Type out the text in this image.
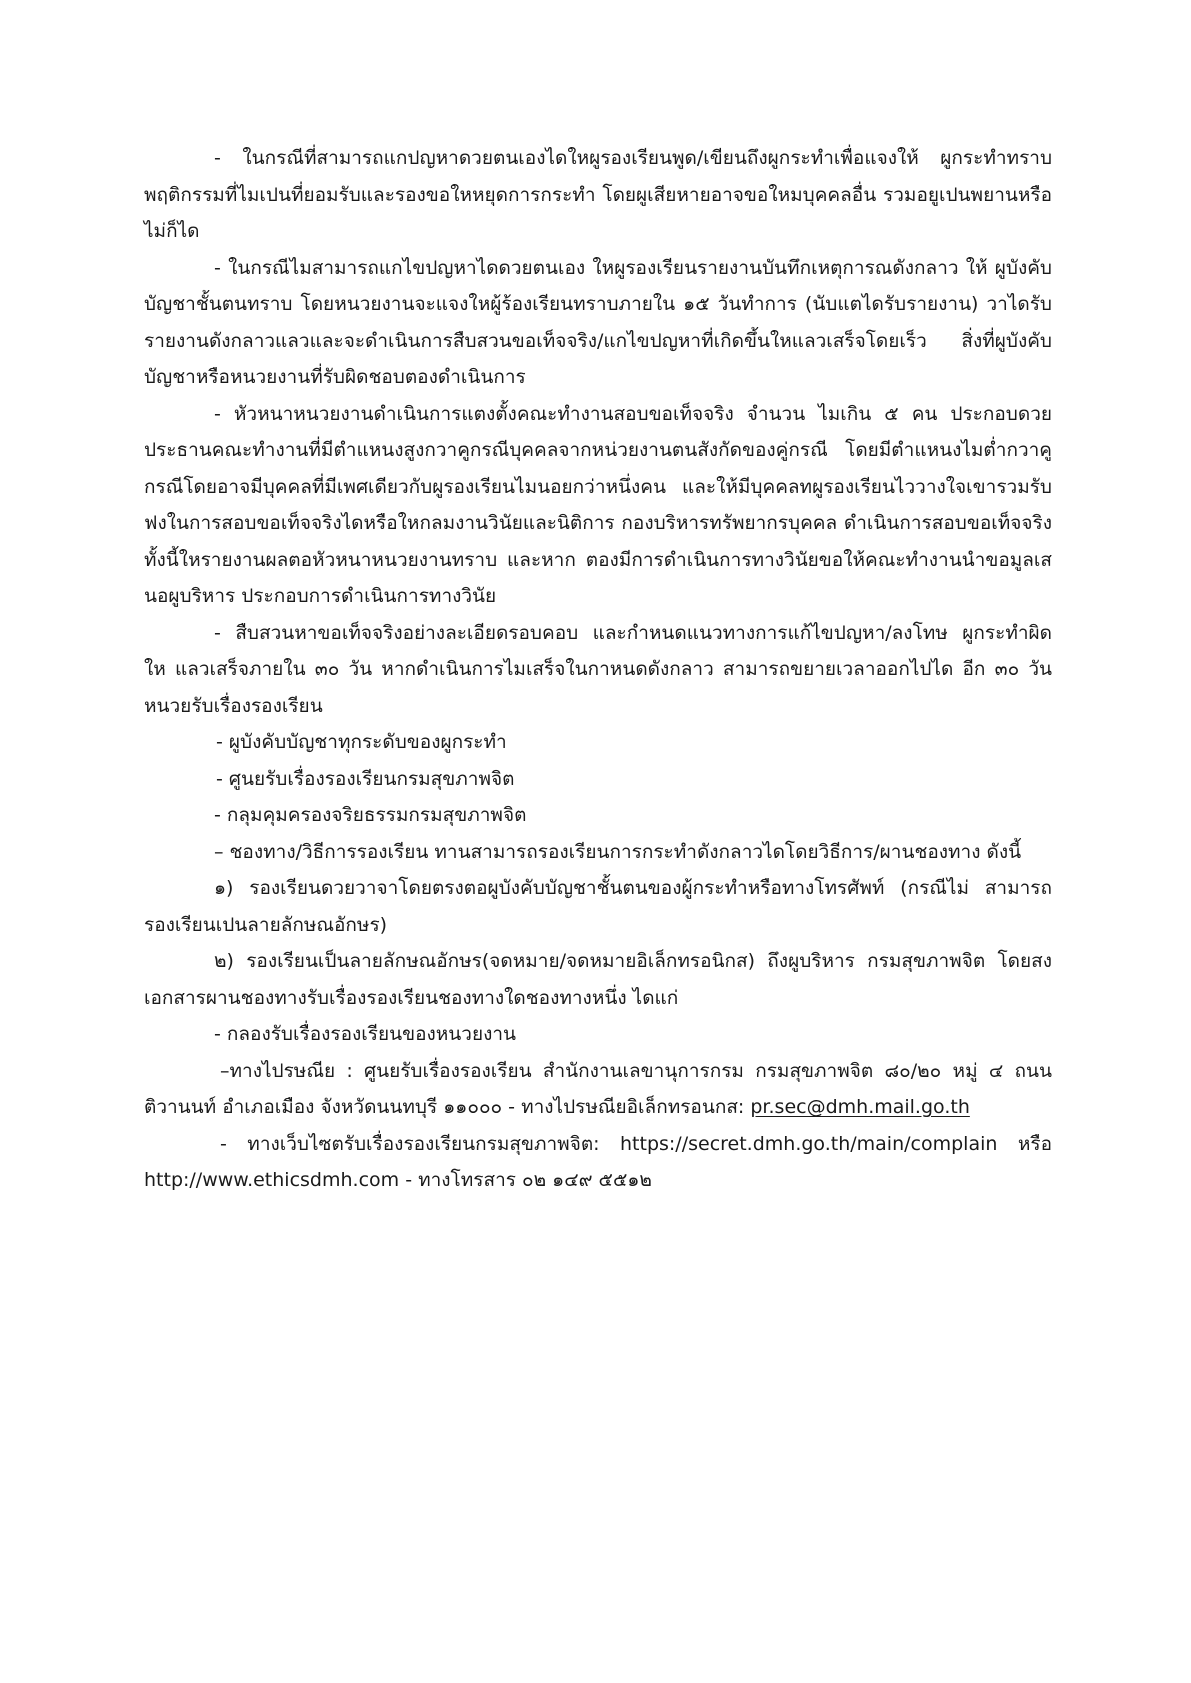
- ในกรณีที่สามารถแกปญหาดวยตนเองไดใหผูรองเรียนพูด/เขียนถึงผูกระทำเพื่อแจงให้ ผูกระทำทราบพฤติกรรมที่ไมเปนที่ยอมรับและรองขอใหหยุดการกระทำ โดยผูเสียหายอาจขอใหมบุคคลอื่น รวมอยูเปนพยานหรือไม่ก็ได

- ในกรณีไมสามารถแกไขปญหาไดดวยตนเอง ใหผูรองเรียนรายงานบันทึกเหตุการณดังกลาว ให้ ผูบังคับบัญชาชั้นตนทราบ โดยหนวยงานจะแจงใหผู้ร้องเรียนทราบภายใน ๑๕ วันทำการ (นับแตไดรับรายงาน) วาไดรับรายงานดังกลาวแลวและจะดำเนินการสืบสวนขอเท็จจริง/แกไขปญหาที่เกิดขึ้นใหแลวเสร็จโดยเร็ว สิ่งที่ผูบังคับบัญชาหรือหนวยงานที่รับผิดชอบตองดำเนินการ

- หัวหนาหนวยงานดำเนินการแตงตั้งคณะทำงานสอบขอเท็จจริง จำนวน ไมเกิน ๕ คน ประกอบดวย ประธานคณะทำงานที่มีตำแหนงสูงกวาคูกรณีบุคคลจากหน่วยงานตนสังกัดของคู่กรณี โดยมีตำแหนงไมต่ำกวาคูกรณีโดยอาจมีบุคคลที่มีเพศเดียวกับผูรองเรียนไมนอยกว่าหนึ่งคน และให้มีบุคคลทผูรองเรียนไววางใจเขารวมรับฟงในการสอบขอเท็จจริงไดหรือใหกลมงานวินัยและนิติการ กองบริหารทรัพยากรบุคคล ดำเนินการสอบขอเท็จจริง ทั้งนี้ใหรายงานผลตอหัวหนาหนวยงานทราบ และหาก ตองมีการดำเนินการทางวินัยขอให้คณะทำงานนำขอมูลเสนอผูบริหาร ประกอบการดำเนินการทางวินัย

- สืบสวนหาขอเท็จจริงอย่างละเอียดรอบคอบ และกำหนดแนวทางการแก้ไขปญหา/ลงโทษ ผูกระทำผิด ให แลวเสร็จภายใน ๓๐ วัน หากดำเนินการไมเสร็จในกาหนดดังกลาว สามารถขยายเวลาออกไปได อีก ๓๐ วัน หนวยรับเรื่องรองเรียน

- ผูบังคับบัญชาทุกระดับของผูกระทำ

- ศูนยรับเรื่องรองเรียนกรมสุขภาพจิต

- กลุมคุมครองจริยธรรมกรมสุขภาพจิต

– ชองทาง/วิธีการรองเรียน ทานสามารถรองเรียนการกระทำดังกลาวไดโดยวิธีการ/ผานชองทาง ดังนี้

๑) รองเรียนดวยวาจาโดยตรงตอผูบังคับบัญชาชั้นตนของผู้กระทำหรือทางโทรศัพท์ (กรณีไม่ สามารถรองเรียนเปนลายลักษณอักษร)

๒) รองเรียนเป็นลายลักษณอักษร(จดหมาย/จดหมายอิเล็กทรอนิกส) ถึงผูบริหาร กรมสุขภาพจิต โดยสงเอกสารผานชองทางรับเรื่องรองเรียนชองทางใดชองทางหนึ่ง ไดแก่

- กลองรับเรื่องรองเรียนของหนวยงาน

–ทางไปรษณีย : ศูนยรับเรื่องรองเรียน สำนักงานเลขานุการกรม กรมสุขภาพจิต ๘๐/๒๐ หมู่ ๔ ถนนติวานนท์ อำเภอเมือง จังหวัดนนทบุรี ๑๑๐๐๐ - ทางไปรษณียอิเล็กทรอนกส: pr.sec@dmh.mail.go.th

- ทางเว็บไซตรับเรื่องรองเรียนกรมสุขภาพจิต: https://secret.dmh.go.th/main/complain หรือ http://www.ethicsdmh.com - ทางโทรสาร ๐๒ ๑๔๙ ๕๕๑๒
